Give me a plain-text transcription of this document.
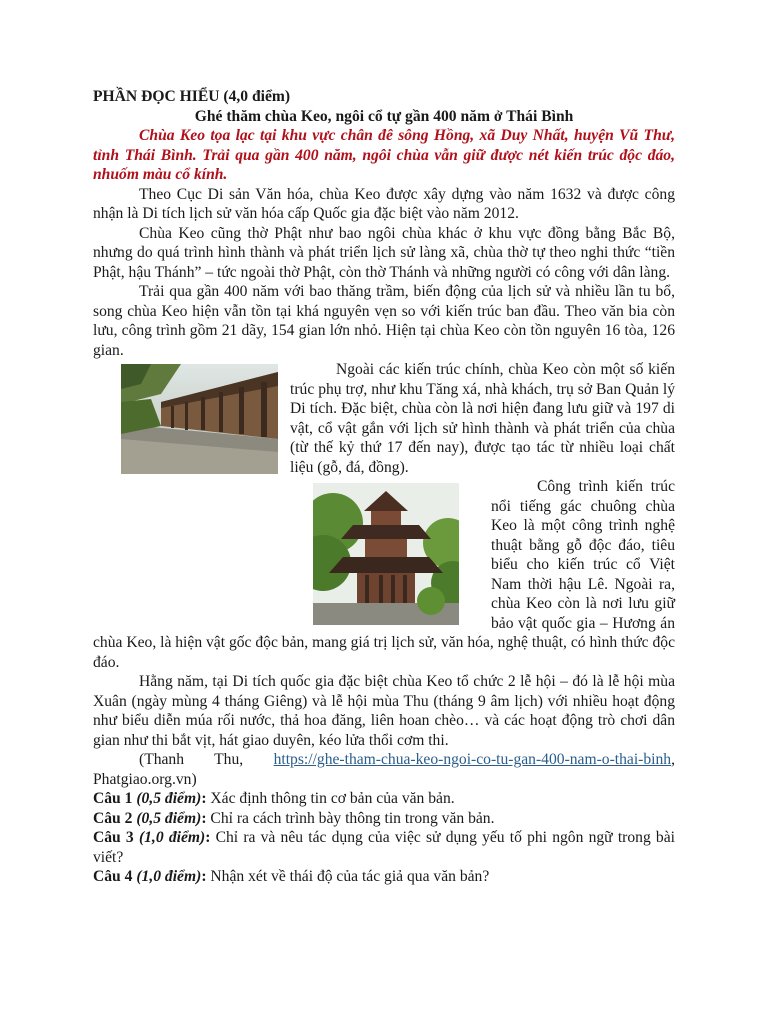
PHẦN ĐỌC HIỂU (4,0 điểm)

Ghé thăm chùa Keo, ngôi cổ tự gần 400 năm ở Thái Bình

Chùa Keo tọa lạc tại khu vực chân đê sông Hồng, xã Duy Nhất, huyện Vũ Thư, tỉnh Thái Bình. Trải qua gần 400 năm, ngôi chùa vẫn giữ được nét kiến trúc độc đáo, nhuốm màu cổ kính.

Theo Cục Di sản Văn hóa, chùa Keo được xây dựng vào năm 1632 và được công nhận là Di tích lịch sử văn hóa cấp Quốc gia đặc biệt vào năm 2012.

Chùa Keo cũng thờ Phật như bao ngôi chùa khác ở khu vực đồng bằng Bắc Bộ, nhưng do quá trình hình thành và phát triển lịch sử làng xã, chùa thờ tự theo nghi thức “tiền Phật, hậu Thánh” – tức ngoài thờ Phật, còn thờ Thánh và những người có công với dân làng.

Trải qua gần 400 năm với bao thăng trầm, biến động của lịch sử và nhiều lần tu bổ, song chùa Keo hiện vẫn tồn tại khá nguyên vẹn so với kiến trúc ban đầu. Theo văn bia còn lưu, công trình gồm 21 dãy, 154 gian lớn nhỏ. Hiện tại chùa Keo còn tồn nguyên 16 tòa, 126 gian.

Ngoài các kiến trúc chính, chùa Keo còn một số kiến trúc phụ trợ, như khu Tăng xá, nhà khách, trụ sở Ban Quản lý Di tích. Đặc biệt, chùa còn là nơi hiện đang lưu giữ và 197 di vật, cổ vật gắn với lịch sử hình thành và phát triển của chùa (từ thế kỷ thứ 17 đến nay), được tạo tác từ nhiều loại chất liệu (gỗ, đá, đồng).

Công trình kiến trúc nổi tiếng gác chuông chùa Keo là một công trình nghệ thuật bằng gỗ độc đáo, tiêu biểu cho kiến trúc cổ Việt Nam thời hậu Lê. Ngoài ra, chùa Keo còn là nơi lưu giữ bảo vật quốc gia – Hương án chùa Keo, là hiện vật gốc độc bản, mang giá trị lịch sử, văn hóa, nghệ thuật, có hình thức độc đáo.

Hằng năm, tại Di tích quốc gia đặc biệt chùa Keo tổ chức 2 lễ hội – đó là lễ hội mùa Xuân (ngày mùng 4 tháng Giêng) và lễ hội mùa Thu (tháng 9 âm lịch) với nhiều hoạt động như biểu diễn múa rối nước, thả hoa đăng, liên hoan chèo… và các hoạt động trò chơi dân gian như thi bắt vịt, hát giao duyên, kéo lửa thổi cơm thi.

(Thanh Thu, https://ghe-tham-chua-keo-ngoi-co-tu-gan-400-nam-o-thai-binh, Phatgiao.org.vn)

Câu 1 (0,5 điểm): Xác định thông tin cơ bản của văn bản.

Câu 2 (0,5 điểm): Chỉ ra cách trình bày thông tin trong văn bản.

Câu 3 (1,0 điểm): Chỉ ra và nêu tác dụng của việc sử dụng yếu tố phi ngôn ngữ trong bài viết?

Câu 4 (1,0 điểm): Nhận xét về thái độ của tác giả qua văn bản?
